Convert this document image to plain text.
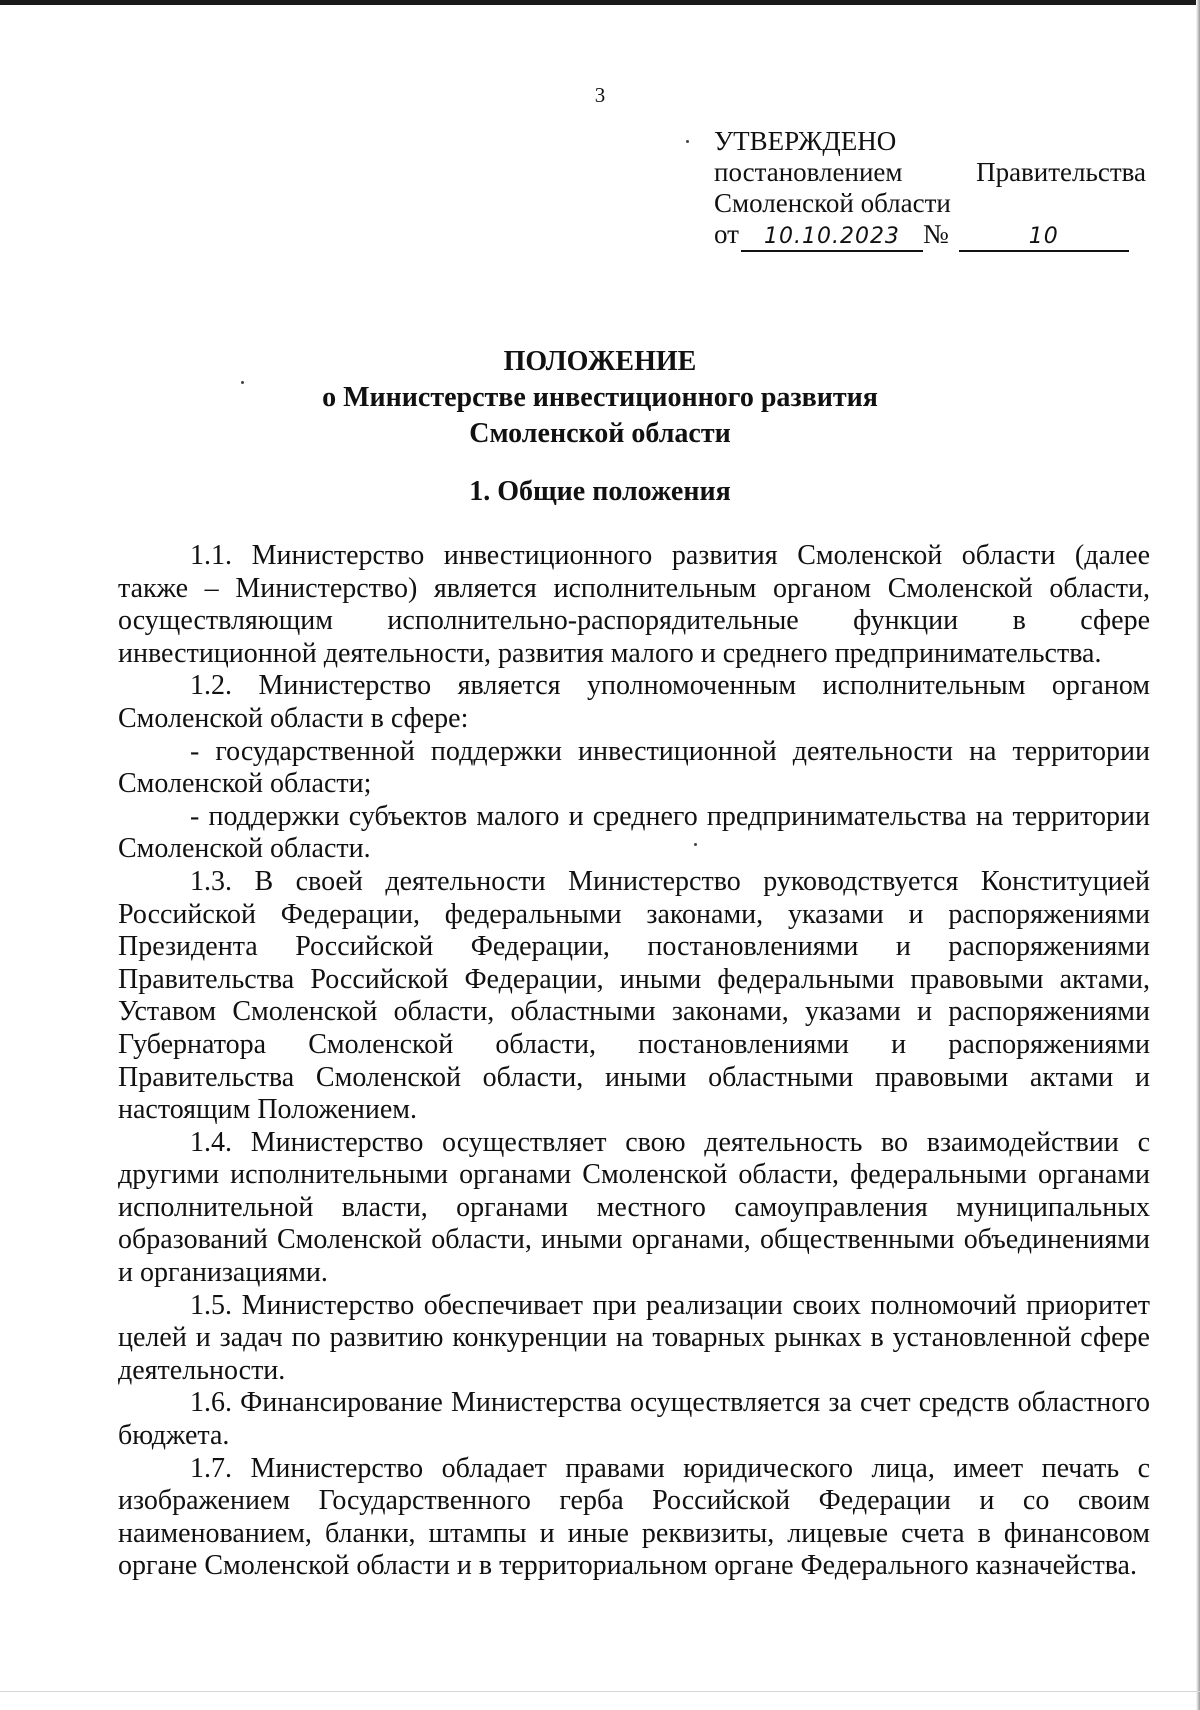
3
УТВЕРЖДЕНО
постановлением	Правительства
Смоленской области
от	10.10.2023 №	10
ПОЛОЖЕНИЕ
о Министерстве инвестиционного развития
Смоленской области
1. Общие положения

1.1. Министерство инвестиционного развития Смоленской области (далее также – Министерство) является исполнительным органом Смоленской области, осуществляющим исполнительно-распорядительные функции в сфере инвестиционной деятельности, развития малого и среднего предпринимательства.

1.2. Министерство является уполномоченным исполнительным органом Смоленской области в сфере:

- государственной поддержки инвестиционной деятельности на территории Смоленской области;

- поддержки субъектов малого и среднего предпринимательства на территории Смоленской области.

1.3. В своей деятельности Министерство руководствуется Конституцией Российской Федерации, федеральными законами, указами и распоряжениями Президента Российской Федерации, постановлениями и распоряжениями Правительства Российской Федерации, иными федеральными правовыми актами, Уставом Смоленской области, областными законами, указами и распоряжениями Губернатора Смоленской области, постановлениями и распоряжениями Правительства Смоленской области, иными областными правовыми актами и настоящим Положением.

1.4. Министерство осуществляет свою деятельность во взаимодействии с другими исполнительными органами Смоленской области, федеральными органами исполнительной власти, органами местного самоуправления муниципальных образований Смоленской области, иными органами, общественными объединениями и организациями.

1.5. Министерство обеспечивает при реализации своих полномочий приоритет целей и задач по развитию конкуренции на товарных рынках в установленной сфере деятельности.

1.6. Финансирование Министерства осуществляется за счет средств областного бюджета.

1.7. Министерство обладает правами юридического лица, имеет печать с изображением Государственного герба Российской Федерации и со своим наименованием, бланки, штампы и иные реквизиты, лицевые счета в финансовом органе Смоленской области и в территориальном органе Федерального казначейства.
